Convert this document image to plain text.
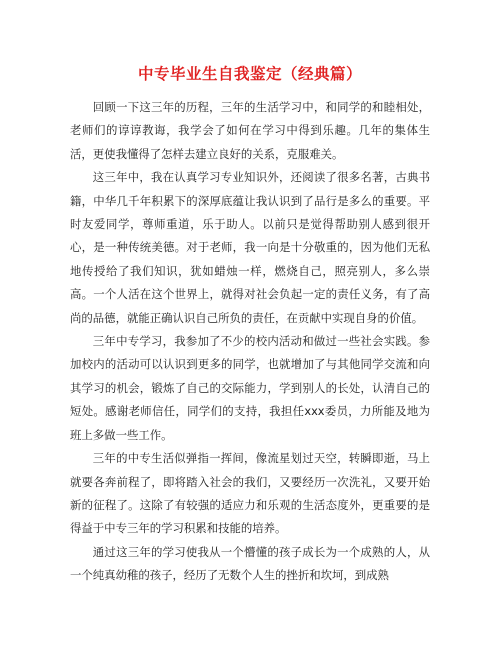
中专毕业生自我鉴定（经典篇）

回顾一下这三年的历程，三年的生活学习中，和同学的和睦相处，老师们的谆谆教诲，我学会了如何在学习中得到乐趣。几年的集体生活，更使我懂得了怎样去建立良好的关系，克服难关。

这三年中，我在认真学习专业知识外，还阅读了很多名著，古典书籍，中华几千年积累下的深厚底蕴让我认识到了品行是多么的重要。平时友爱同学，尊师重道，乐于助人。以前只是觉得帮助别人感到很开心，是一种传统美德。对于老师，我一向是十分敬重的，因为他们无私地传授给了我们知识，犹如蜡烛一样，燃烧自己，照亮别人，多么崇高。一个人活在这个世界上，就得对社会负起一定的责任义务，有了高尚的品德，就能正确认识自己所负的责任，在贡献中实现自身的价值。

三年中专学习，我参加了不少的校内活动和做过一些社会实践。参加校内的活动可以认识到更多的同学，也就增加了与其他同学交流和向其学习的机会，锻炼了自己的交际能力，学到别人的长处，认清自己的短处。感谢老师信任，同学们的支持，我担任xxx委员，力所能及地为班上多做一些工作。

三年的中专生活似弹指一挥间，像流星划过天空，转瞬即逝，马上就要各奔前程了，即将踏入社会的我们，又要经历一次洗礼，又要开始新的征程了。这除了有较强的适应力和乐观的生活态度外，更重要的是得益于中专三年的学习积累和技能的培养。

通过这三年的学习使我从一个懵懂的孩子成长为一个成熟的人，从一个纯真幼稚的孩子，经历了无数个人生的挫折和坎坷，到成熟
